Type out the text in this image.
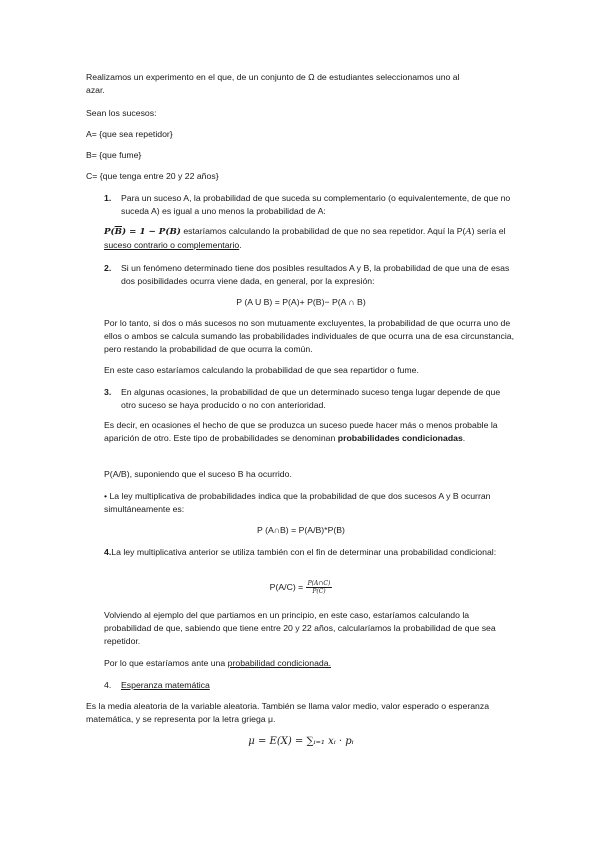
Realizamos un experimento en el que, de un conjunto de Ω de estudiantes seleccionamos uno al
azar.

Sean los sucesos:

A= {que sea repetidor}

B= {que fume}

C= {que tenga entre 20 y 22 años}

1.	Para un suceso A, la probabilidad de que suceda su complementario (o equivalentemente, de que no suceda A) es igual a uno menos la probabilidad de A:

$P(\overline{B}) = 1 - P(B)$ estaríamos calculando la probabilidad de que no sea repetidor. Aquí la P(A) sería el suceso contrario o complementario.

2.	Si un fenómeno determinado tiene dos posibles resultados A y B, la probabilidad de que una de esas dos posibilidades ocurra viene dada, en general, por la expresión:

P (A U B) = P(A)+ P(B)− P(A ∩ B)

Por lo tanto, si dos o más sucesos no son mutuamente excluyentes, la probabilidad de que ocurra uno de ellos o ambos se calcula sumando las probabilidades individuales de que ocurra una de esa circunstancia, pero restando la probabilidad de que ocurra la común.

En este caso estaríamos calculando la probabilidad de que sea repartidor o fume.

3.	En algunas ocasiones, la probabilidad de que un determinado suceso tenga lugar depende de que otro suceso se haya producido o no con anterioridad.

Es decir, en ocasiones el hecho de que se produzca un suceso puede hacer más o menos probable la aparición de otro. Este tipo de probabilidades se denominan probabilidades condicionadas.

P(A/B), suponiendo que el suceso B ha ocurrido.

• La ley multiplicativa de probabilidades indica que la probabilidad de que dos sucesos A y B ocurran simultáneamente es:

P (A∩B) = P(A/B)*P(B)

4.La ley multiplicativa anterior se utiliza también con el fin de determinar una probabilidad condicional:

$P(A/C) = \frac{P(A\cap C)}{P(C)}$

Volviendo al ejemplo del que partiamos en un principio, en este caso, estaríamos calculando la probabilidad de que, sabiendo que tiene entre 20 y 22 años, calcularíamos la probabilidad de que sea repetidor.

Por lo que estaríamos ante una probabilidad condicionada.

4.	Esperanza matemática

Es la media aleatoria de la variable aleatoria. También se llama valor medio, valor esperado o esperanza matemática, y se representa por la letra griega μ.

μ = E(X) = ∑ᵢ₌₁ xᵢ · pᵢ
